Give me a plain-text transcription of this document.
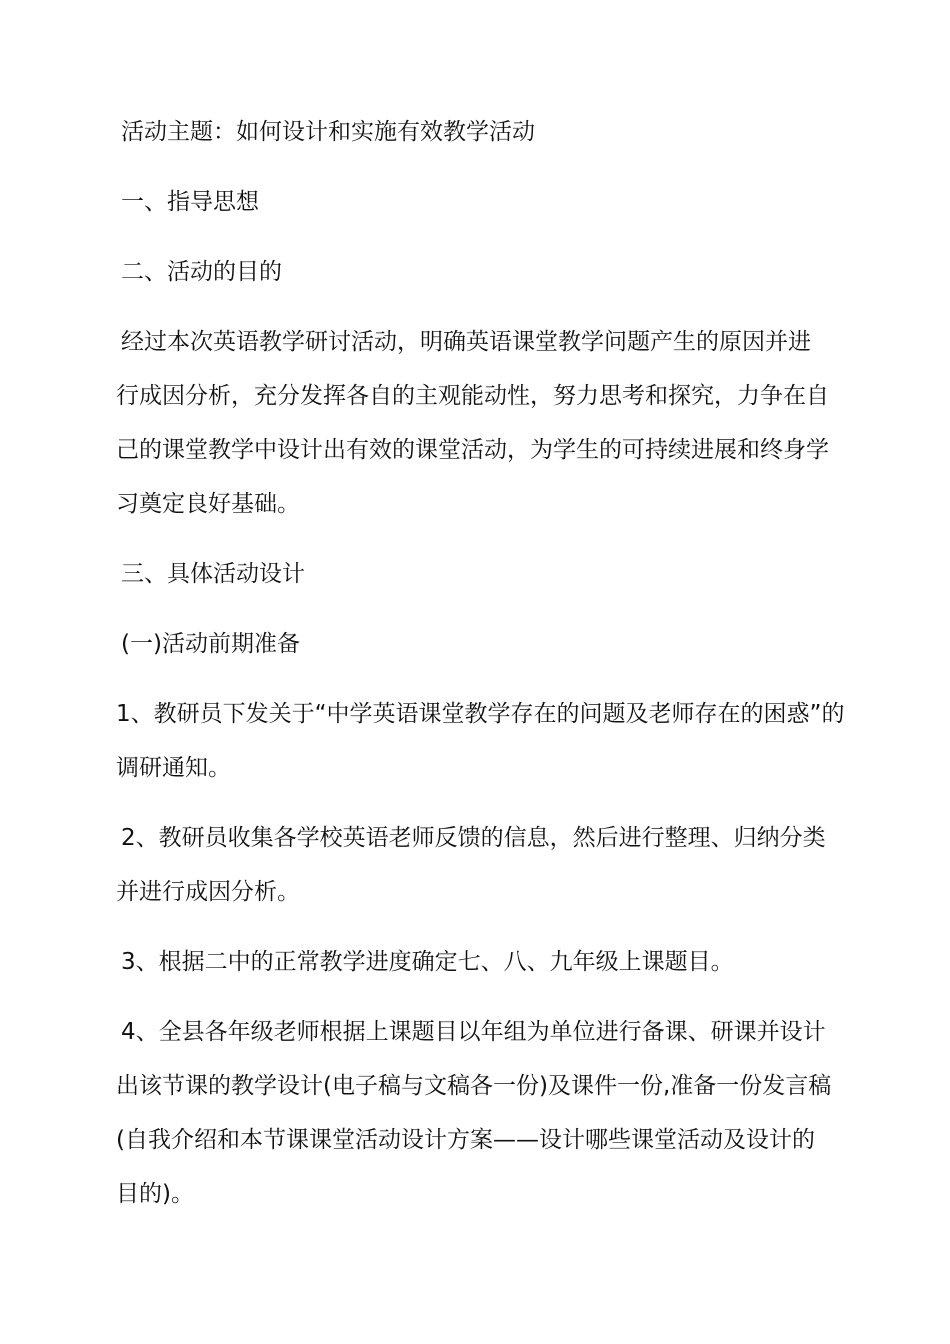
活动主题：如何设计和实施有效教学活动
一、指导思想
二、活动的目的
经过本次英语教学研讨活动，明确英语课堂教学问题产生的原因并进
行成因分析，充分发挥各自的主观能动性，努力思考和探究，力争在自
己的课堂教学中设计出有效的课堂活动，为学生的可持续进展和终身学
习奠定良好基础。
三、具体活动设计
(一)活动前期准备
1、教研员下发关于“中学英语课堂教学存在的问题及老师存在的困惑”的
调研通知。
2、教研员收集各学校英语老师反馈的信息，然后进行整理、归纳分类
并进行成因分析。
3、根据二中的正常教学进度确定七、八、九年级上课题目。
4、全县各年级老师根据上课题目以年组为单位进行备课、研课并设计
出该节课的教学设计(电子稿与文稿各一份)及课件一份,准备一份发言稿
(自我介绍和本节课课堂活动设计方案——设计哪些课堂活动及设计的
目的)。
